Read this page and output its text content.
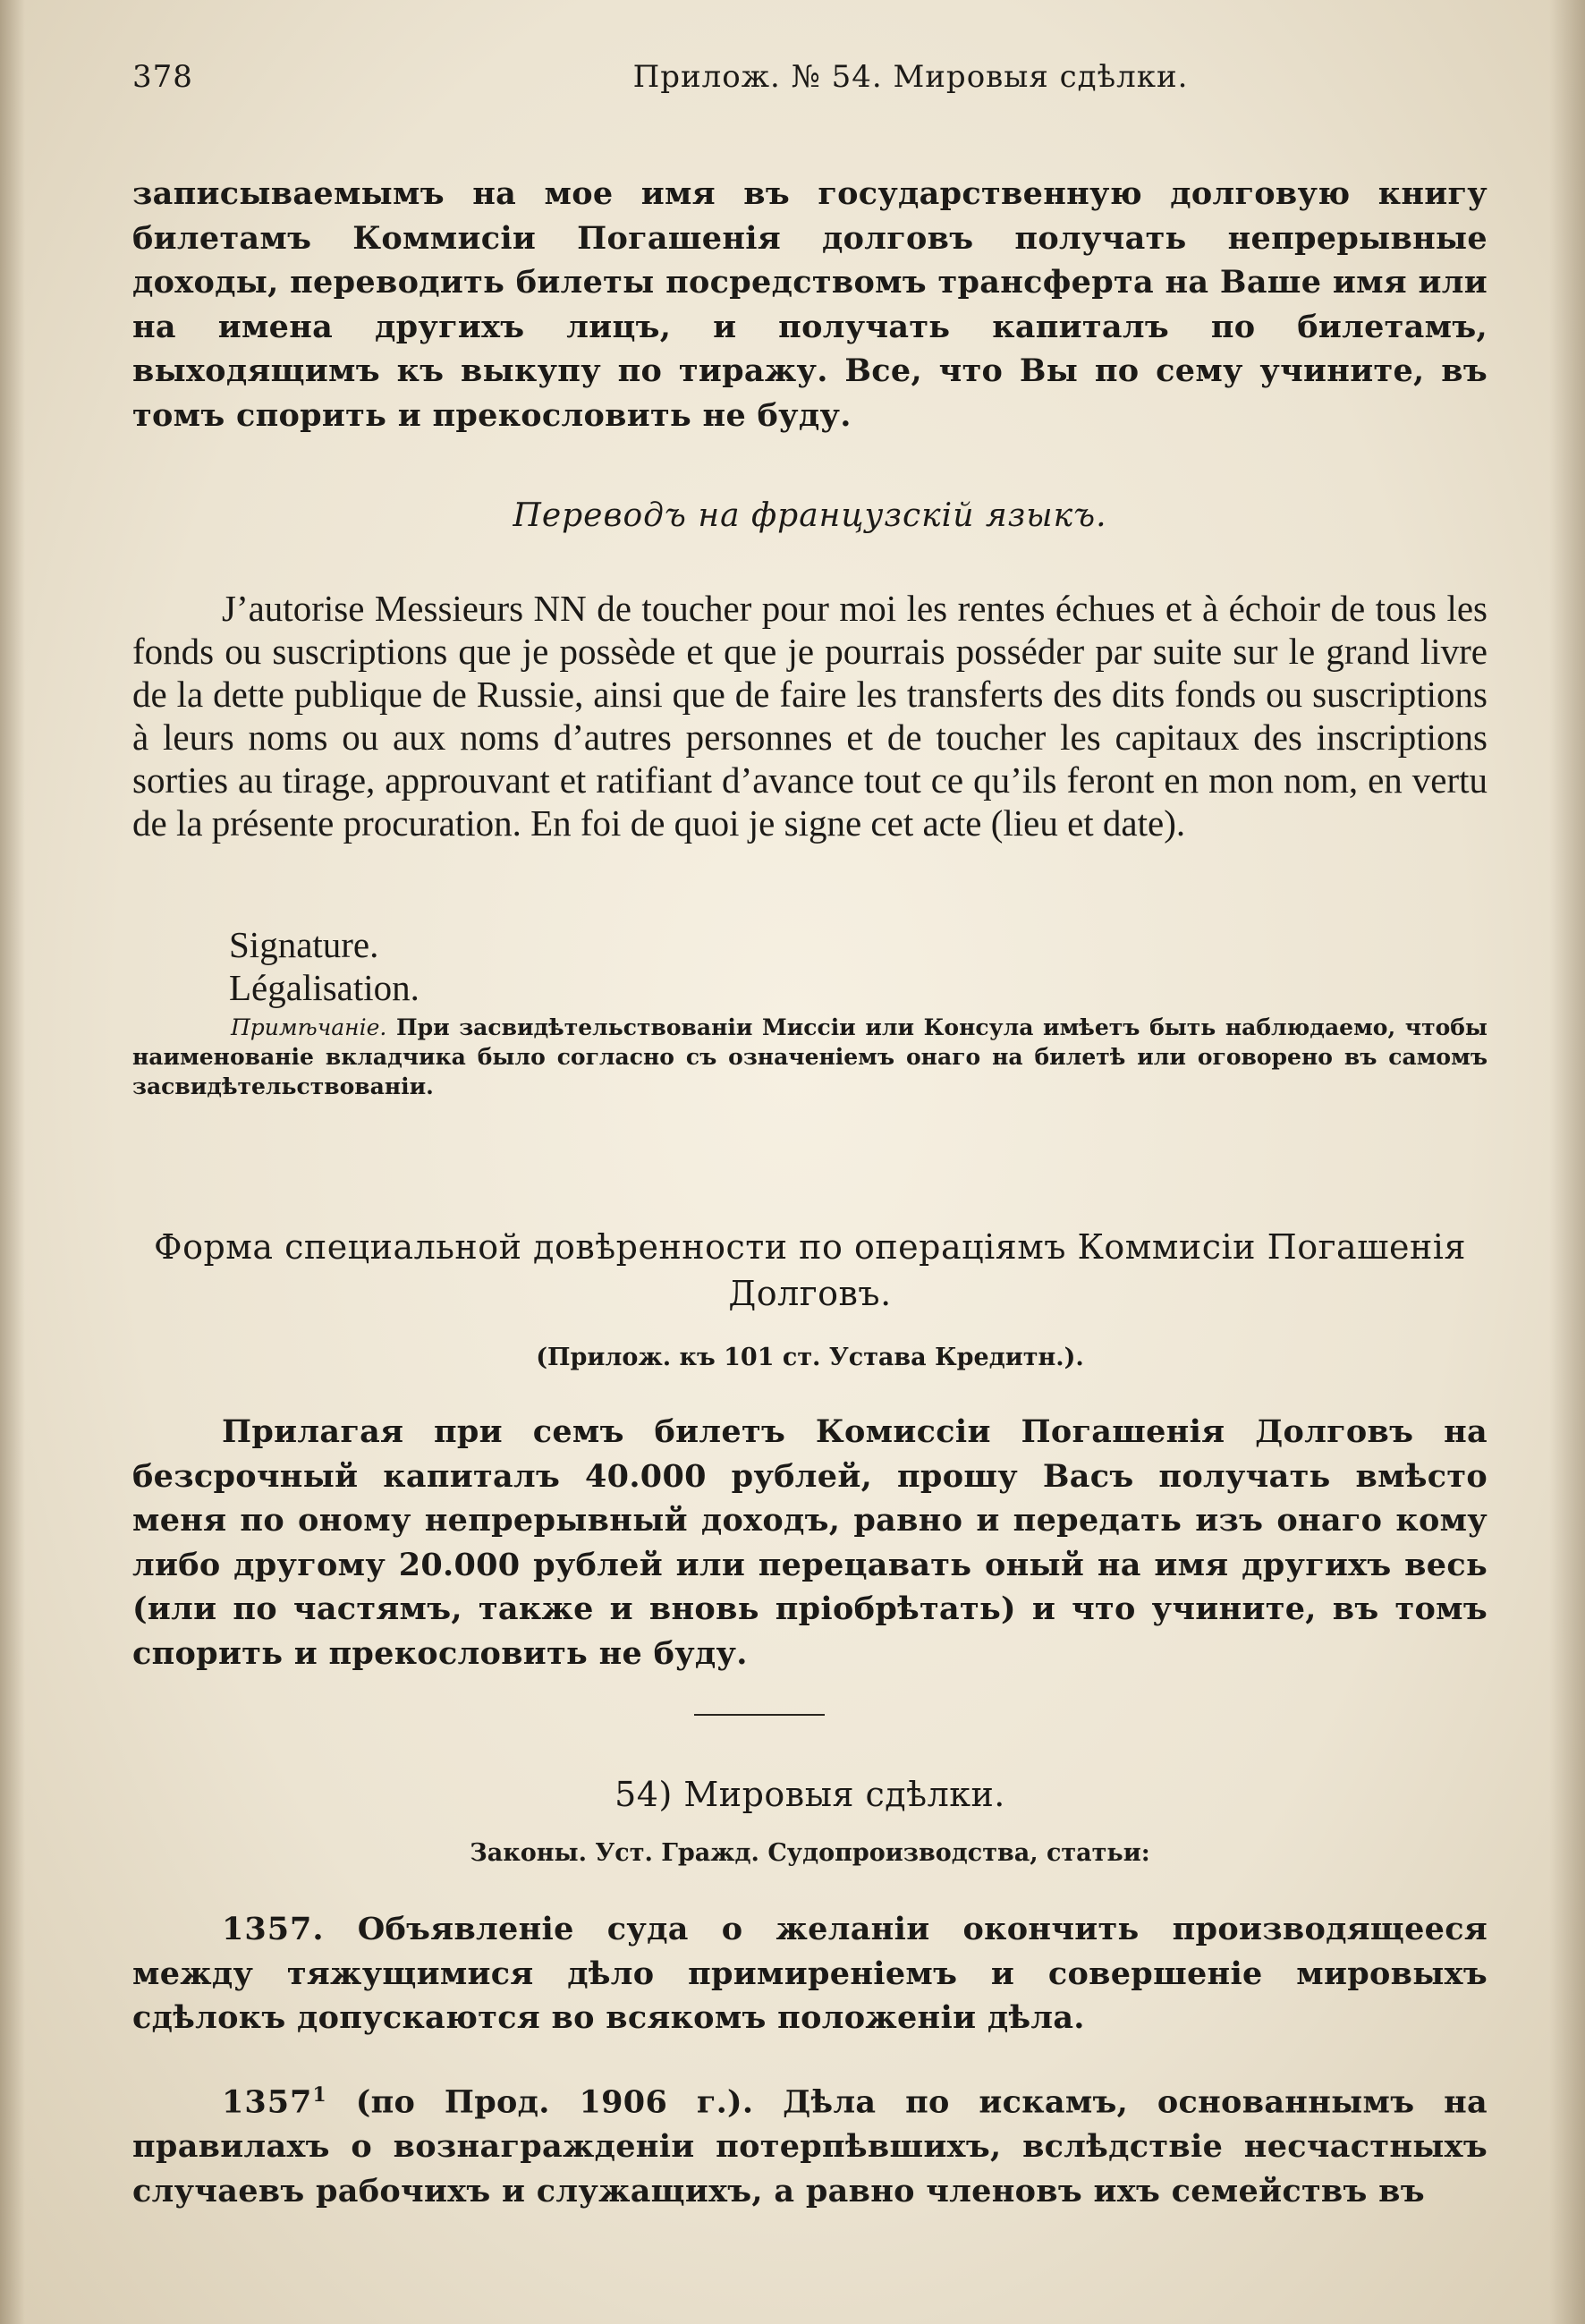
378	Прилож. № 54. Мировыя сдѣлки.

записываемымъ на мое имя въ государственную долговую книгу билетамъ Коммисіи Погашенія долговъ получать непрерывные доходы, переводить билеты посредствомъ трансферта на Ваше имя или на имена другихъ лицъ, и получать капиталъ по билетамъ, выходящимъ къ выкупу по тиражу. Все, что Вы по сему учините, въ томъ спорить и прекословить не буду.

Переводъ на французскій языкъ.

J’autorise Messieurs NN de toucher pour moi les rentes échues et à échoir de tous les fonds ou suscriptions que je possède et que je pourrais posséder par suite sur le grand livre de la dette publique de Russie, ainsi que de faire les transferts des dits fonds ou suscriptions à leurs noms ou aux noms d’autres personnes et de toucher les capitaux des inscriptions sorties au tirage, approuvant et ratifiant d’avance tout ce qu’ils feront en mon nom, en vertu de la présente procuration. En foi de quoi je signe cet acte (lieu et date).

Signature.
Légalisation.

Примѣчаніе. При засвидѣтельствованіи Миссіи или Консула имѣетъ быть наблюдаемо, чтобы наименованіе вкладчика было согласно съ означеніемъ онаго на билетѣ или оговорено въ самомъ засвидѣтельствованіи.

Форма специальной довѣренности по операціямъ Коммисіи Погашенія
Долговъ.
(Прилож. къ 101 ст. Устава Кредитн.).

Прилагая при семъ билетъ Комиссіи Погашенія Долговъ на безсрочный капиталъ 40.000 рублей, прошу Васъ получать вмѣсто меня по оному непрерывный доходъ, равно и передать изъ онаго кому либо другому 20.000 рублей или перецавать оный на имя другихъ весь (или по частямъ, также и вновь пріобрѣтать) и что учините, въ томъ спорить и прекословить не буду.

54) Мировыя сдѣлки.
Законы. Уст. Гражд. Судопроизводства, статьи:

1357. Объявленіе суда о желаніи окончить производящееся между тяжущимися дѣло примиреніемъ и совершеніе мировыхъ сдѣлокъ допускаются во всякомъ положеніи дѣла.

1357$^1$ (по Прод. 1906 г.). Дѣла по искамъ, основаннымъ на правилахъ о вознагражденіи потерпѣвшихъ, вслѣдствіе несчастныхъ случаевъ рабочихъ и служащихъ, а равно членовъ ихъ семействъ въ
